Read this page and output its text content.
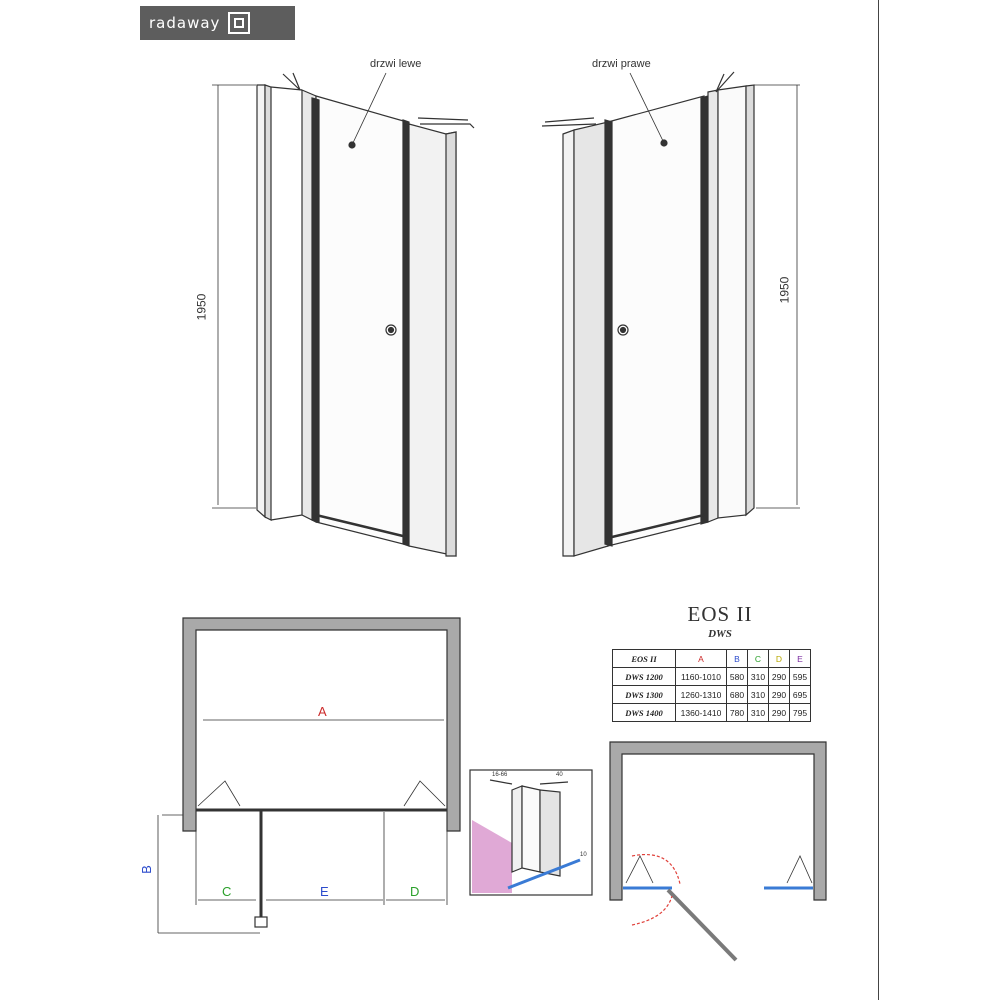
radaway
drzwi lewe	drzwi prawe
1950
1950
EOS II
DWS
EOS II	A	B	C	D	E
DWS 1200	1160-1010	580	310	290	595
DWS 1300	1260-1310	680	310	290	695
DWS 1400	1360-1410	780	310	290	795
A
B
C	E	D
16-66	40
10
